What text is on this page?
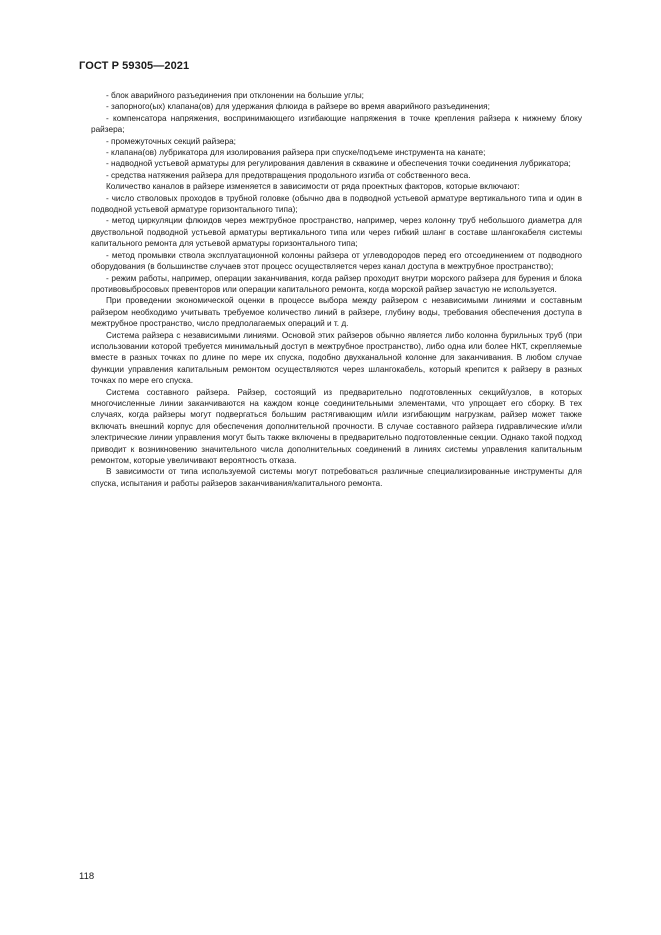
ГОСТ Р 59305—2021

- блок аварийного разъединения при отклонении на большие углы;

- запорного(ых) клапана(ов) для удержания флюида в райзере во время аварийного разъединения;

- компенсатора напряжения, воспринимающего изгибающие напряжения в точке крепления райзера к нижнему блоку райзера;

- промежуточных секций райзера;

- клапана(ов) лубрикатора для изолирования райзера при спуске/подъеме инструмента на канате;

- надводной устьевой арматуры для регулирования давления в скважине и обеспечения точки соединения лубрикатора;

- средства натяжения райзера для предотвращения продольного изгиба от собственного веса.

Количество каналов в райзере изменяется в зависимости от ряда проектных факторов, которые включают:

- число стволовых проходов в трубной головке (обычно два в подводной устьевой арматуре вертикального типа и один в подводной устьевой арматуре горизонтального типа);

- метод циркуляции флюидов через межтрубное пространство, например, через колонну труб небольшого диаметра для двуствольной подводной устьевой арматуры вертикального типа или через гибкий шланг в составе шлангокабеля системы капитального ремонта для устьевой арматуры горизонтального типа;

- метод промывки ствола эксплуатационной колонны райзера от углеводородов перед его отсоединением от подводного оборудования (в большинстве случаев этот процесс осуществляется через канал доступа в межтрубное пространство);

- режим работы, например, операции заканчивания, когда райзер проходит внутри морского райзера для бурения и блока противовыбросовых превенторов или операции капитального ремонта, когда морской райзер зачастую не используется.

При проведении экономической оценки в процессе выбора между райзером с независимыми линиями и составным райзером необходимо учитывать требуемое количество линий в райзере, глубину воды, требования обеспечения доступа в межтрубное пространство, число предполагаемых операций и т. д.

Система райзера с независимыми линиями. Основой этих райзеров обычно является либо колонна бурильных труб (при использовании которой требуется минимальный доступ в межтрубное пространство), либо одна или более НКТ, скрепляемые вместе в разных точках по длине по мере их спуска, подобно двухканальной колонне для заканчивания. В любом случае функции управления капитальным ремонтом осуществляются через шлангокабель, который крепится к райзеру в разных точках по мере его спуска.

Система составного райзера. Райзер, состоящий из предварительно подготовленных секций/узлов, в которых многочисленные линии заканчиваются на каждом конце соединительными элементами, что упрощает его сборку. В тех случаях, когда райзеры могут подвергаться большим растягивающим и/или изгибающим нагрузкам, райзер может также включать внешний корпус для обеспечения дополнительной прочности. В случае составного райзера гидравлические и/или электрические линии управления могут быть также включены в предварительно подготовленные секции. Однако такой подход приводит к возникновению значительного числа дополнительных соединений в линиях системы управления капитальным ремонтом, которые увеличивают вероятность отказа.

В зависимости от типа используемой системы могут потребоваться различные специализированные инструменты для спуска, испытания и работы райзеров заканчивания/капитального ремонта.

118
